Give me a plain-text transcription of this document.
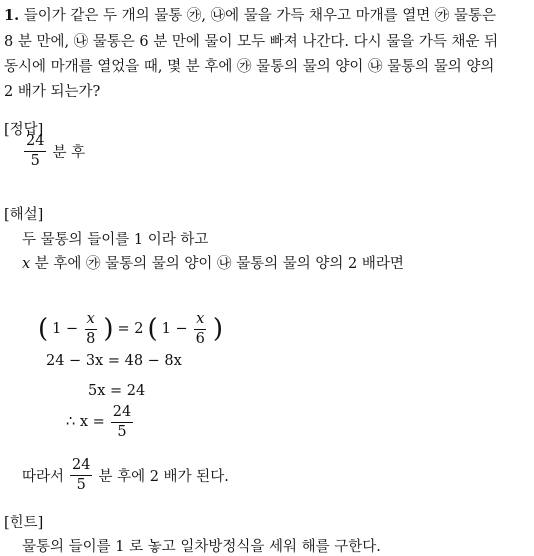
1. 들이가 같은 두 개의 물통 ㉮, ㉯에 물을 가득 채우고 마개를 열면 ㉮ 물통은
8 분 만에, ㉯ 물통은 6 분 만에 물이 모두 빠져 나간다. 다시 물을 가득 채운 뒤
동시에 마개를 열었을 때, 몇 분 후에 ㉮ 물통의 물의 양이 ㉯ 물통의 물의 양의
2 배가 되는가?
[정답]
$\frac{24}{5}$ 분 후
[해설]
두 물통의 들이를 1 이라 하고
x 분 후에 ㉮ 물통의 물의 양이 ㉯ 물통의 물의 양의 2 배라면
( $1 - \frac{x}{8}$ ) = 2 ( $1 - \frac{x}{6}$ )
24 − 3x = 48 − 8x
5x = 24
∴ $x = \frac{24}{5}$
따라서 $\frac{24}{5}$ 분 후에 2 배가 된다.
[힌트]
물통의 들이를 1 로 놓고 일차방정식을 세워 해를 구한다.
